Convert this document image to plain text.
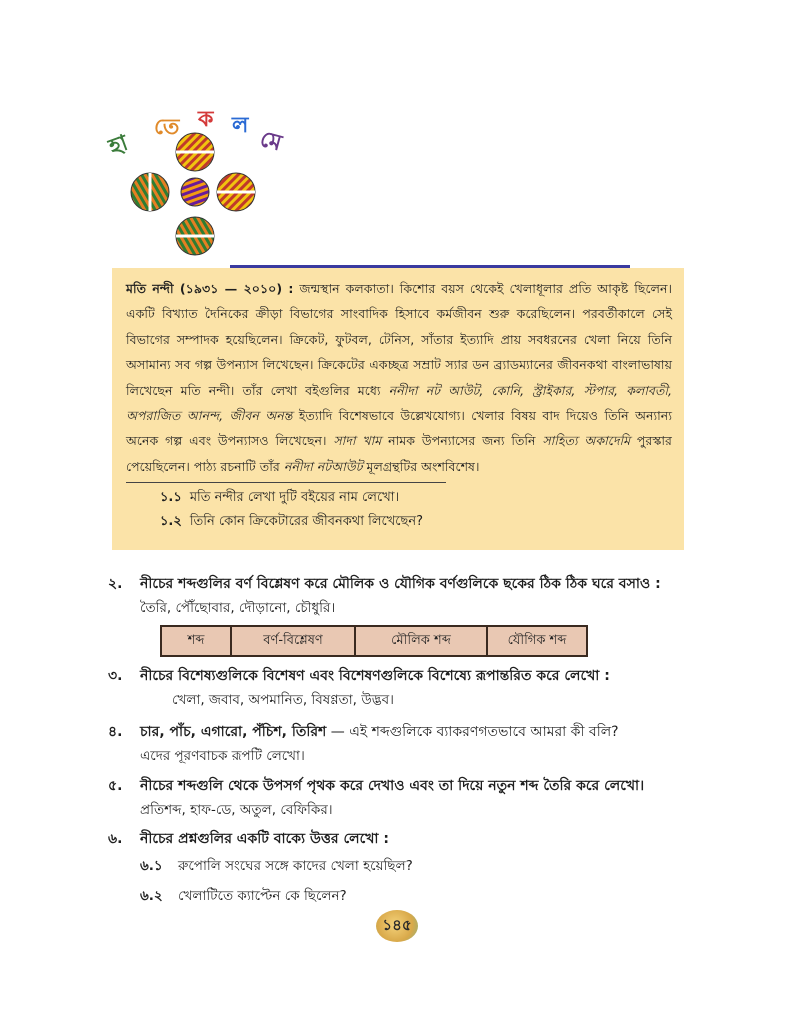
হা
তে ক ল
মে

মতি নন্দী (১৯৩১ — ২০১০) : জন্মস্থান কলকাতা। কিশোর বয়স থেকেই খেলাধূলার প্রতি আকৃষ্ট ছিলেন। একটি বিখ্যাত দৈনিকের ক্রীড়া বিভাগের সাংবাদিক হিসাবে কর্মজীবন শুরু করেছিলেন। পরবর্তীকালে সেই বিভাগের সম্পাদক হয়েছিলেন। ক্রিকেট, ফুটবল, টেনিস, সাঁতার ইত্যাদি প্রায় সবধরনের খেলা নিয়ে তিনি অসামান্য সব গল্প উপন্যাস লিখেছেন। ক্রিকেটের একচ্ছত্র সম্রাট স্যার ডন ব্র্যাডম্যানের জীবনকথা বাংলাভাষায় লিখেছেন মতি নন্দী। তাঁর লেখা বইগুলির মধ্যে ননীদা নট আউট, কোনি, স্ট্রাইকার, স্টপার, কলাবতী, অপরাজিত আনন্দ, জীবন অনন্ত ইত্যাদি বিশেষভাবে উল্লেখযোগ্য। খেলার বিষয় বাদ দিয়েও তিনি অন্যান্য অনেক গল্প এবং উপন্যাসও লিখেছেন। সাদা খাম নামক উপন্যাসের জন্য তিনি সাহিত্য অকাদেমি পুরস্কার পেয়েছিলেন। পাঠ্য রচনাটি তাঁর ননীদা নটআউট মূলগ্রন্থটির অংশবিশেষ।

১.১ মতি নন্দীর লেখা দুটি বইয়ের নাম লেখো।
১.২ তিনি কোন ক্রিকেটারের জীবনকথা লিখেছেন?
২. নীচের শব্দগুলির বর্ণ বিশ্লেষণ করে মৌলিক ও যৌগিক বর্ণগুলিকে ছকের ঠিক ঠিক ঘরে বসাও :
তৈরি, পৌঁছোবার, দৌড়ানো, চৌধুরি।
শব্দ	বর্ণ-বিশ্লেষণ	মৌলিক শব্দ	যৌগিক শব্দ
৩. নীচের বিশেষ্যগুলিকে বিশেষণ এবং বিশেষণগুলিকে বিশেষ্যে রূপান্তরিত করে লেখো :
খেলা, জবাব, অপমানিত, বিষণ্ণতা, উদ্ভব।
৪. চার, পাঁচ, এগারো, পঁচিশ, তিরিশ — এই শব্দগুলিকে ব্যাকরণগতভাবে আমরা কী বলি?
এদের পূরণবাচক রূপটি লেখো।
৫. নীচের শব্দগুলি থেকে উপসর্গ পৃথক করে দেখাও এবং তা দিয়ে নতুন শব্দ তৈরি করে লেখো।
প্রতিশব্দ, হাফ-ডে, অতুল, বেফিকির।
৬. নীচের প্রশ্নগুলির একটি বাক্যে উত্তর লেখো :
৬.১ রুপোলি সংঘের সঙ্গে কাদের খেলা হয়েছিল?
৬.২ খেলাটিতে ক্যাপ্টেন কে ছিলেন?
১৪৫
